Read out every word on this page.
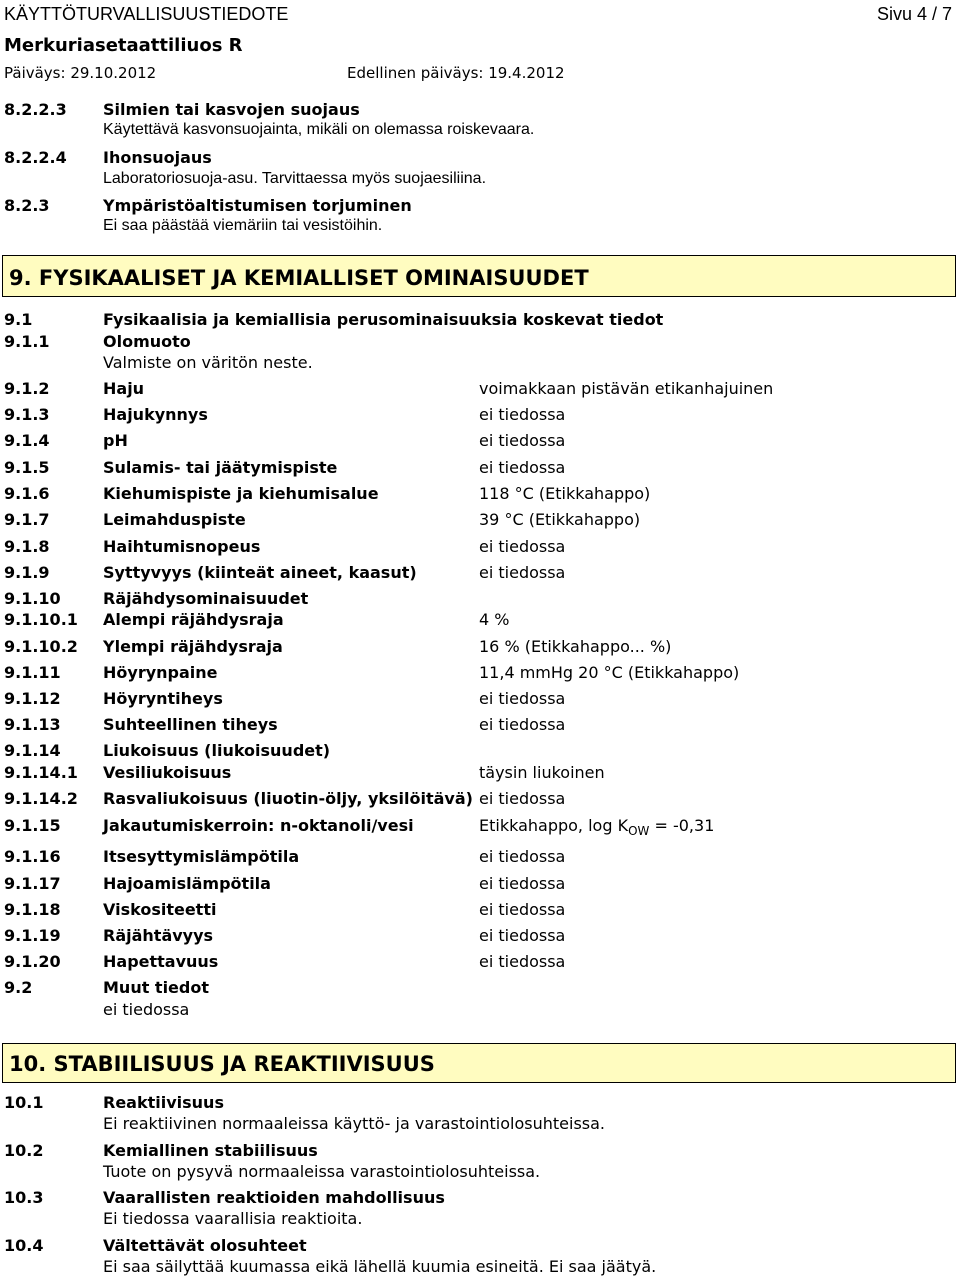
KÄYTTÖTURVALLISUUSTIEDOTE	Sivu 4 / 7
Merkuriasetaattiliuos R
Päiväys: 29.10.2012	Edellinen päiväys: 19.4.2012
8.2.2.3 Silmien tai kasvojen suojaus
Käytettävä kasvonsuojainta, mikäli on olemassa roiskevaara.
8.2.2.4 Ihonsuojaus
Laboratoriosuoja-asu. Tarvittaessa myös suojaesiliina.
8.2.3	Ympäristöaltistumisen torjuminen
Ei saa päästää viemäriin tai vesistöihin.
9. FYSIKAALISET JA KEMIALLISET OMINAISUUDET
9.1	Fysikaalisia ja kemiallisia perusominaisuuksia koskevat tiedot
9.1.1	Olomuoto
Valmiste on väritön neste.
9.1.2	Haju	voimakkaan pistävän etikanhajuinen
9.1.3	Hajukynnys	ei tiedossa
9.1.4	pH	ei tiedossa
9.1.5	Sulamis- tai jäätymispiste	ei tiedossa
9.1.6	Kiehumispiste ja kiehumisalue	118 °C (Etikkahappo)
9.1.7	Leimahduspiste	39 °C (Etikkahappo)
9.1.8	Haihtumisnopeus	ei tiedossa
9.1.9	Syttyvyys (kiinteät aineet, kaasut)	ei tiedossa
9.1.10	Räjähdysominaisuudet
9.1.10.1 Alempi räjähdysraja	4 %
9.1.10.2 Ylempi räjähdysraja	16 % (Etikkahappo... %)
9.1.11	Höyrynpaine	11,4 mmHg 20 °C (Etikkahappo)
9.1.12	Höyryntiheys	ei tiedossa
9.1.13	Suhteellinen tiheys	ei tiedossa
9.1.14	Liukoisuus (liukoisuudet)
9.1.14.1 Vesiliukoisuus	täysin liukoinen
9.1.14.2 Rasvaliukoisuus (liuotin-öljy, yksilöitävä) ei tiedossa
9.1.15	Jakautumiskerroin: n-oktanoli/vesi	Etikkahappo, $\log K_{OW} = -0,31$
9.1.16	Itsesyttymislämpötila	ei tiedossa
9.1.17	Hajoamislämpötila	ei tiedossa
9.1.18	Viskositeetti	ei tiedossa
9.1.19	Räjähtävyys	ei tiedossa
9.1.20	Hapettavuus	ei tiedossa
9.2	Muut tiedot
ei tiedossa
10. STABIILISUUS JA REAKTIIVISUUS
10.1	Reaktiivisuus
Ei reaktiivinen normaaleissa käyttö- ja varastointiolosuhteissa.
10.2	Kemiallinen stabiilisuus
Tuote on pysyvä normaaleissa varastointiolosuhteissa.
10.3	Vaarallisten reaktioiden mahdollisuus
Ei tiedossa vaarallisia reaktioita.
10.4	Vältettävät olosuhteet
Ei saa säilyttää kuumassa eikä lähellä kuumia esineitä. Ei saa jäätyä.
